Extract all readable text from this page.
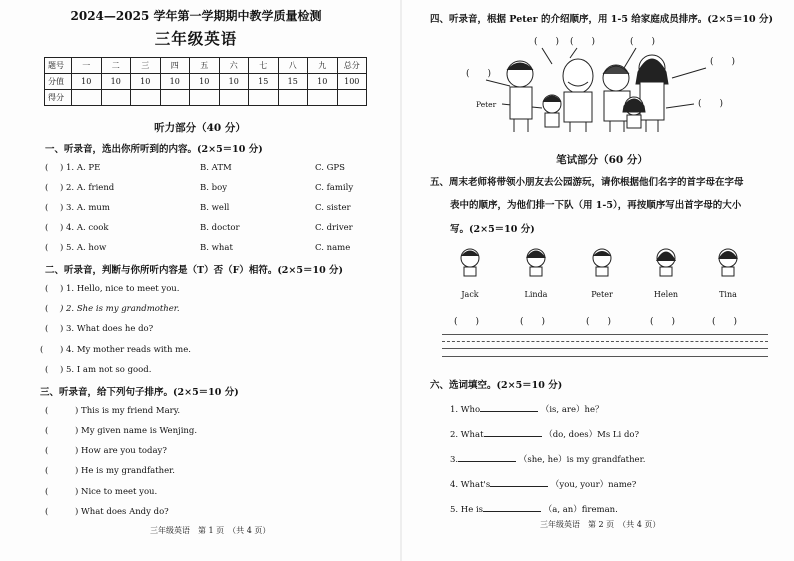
2024—2025 学年第一学期期中教学质量检测
三年级英语
题号	一	二	三	四	五	六	七	八	九	总分
分值	10	10	10	10	10	10	15	15	10	100
得分										
听力部分（40 分）
一、听录音，选出你所听到的内容。(2×5＝10 分)
( ) 1. A. PE	B. ATM	C. GPS
( ) 2. A. friend	B. boy	C. family
( ) 3. A. mum	B. well	C. sister
( ) 4. A. cook	B. doctor	C. driver
( ) 5. A. how	B. what	C. name
二、听录音，判断与你所听内容是（T）否（F）相符。(2×5＝10 分)
( ) 1. Hello, nice to meet you.
( ) 2. She is my grandmother.
( ) 3. What does he do?
( ) 4. My mother reads with me.
( ) 5. I am not so good.
三、听录音，给下列句子排序。(2×5＝10 分)
(	) This is my friend Mary.
(	) My given name is Wenjing.
(	) How are you today?
(	) He is my grandfather.
(	) Nice to meet you.
(	) What does Andy do?
三年级英语　第 1 页　（共 4 页）
四、听录音，根据 Peter 的介绍顺序，用 1-5 给家庭成员排序。(2×5＝10 分)
(　　) (　　)	(　　)
(　　)
(　　)
(　　)
Peter
笔试部分（60 分）
五、周末老师将带领小朋友去公园游玩，请你根据他们名字的首字母在字母
表中的顺序，为他们排一下队（用 1-5），再按顺序写出首字母的大小
写。(2×5＝10 分)
Jack	Linda	Peter	Helen	Tina
(　　)	(　　)	(　　)	(　　)	(　　)
六、选词填空。(2×5＝10 分)
1. Who	（is, are）he？
2. What	（do, does）Ms Li do?
3.	（she, he）is my grandfather.
4. What's	（you, your）name?
5. He is	（a, an）fireman.
三年级英语　第 2 页　（共 4 页）
